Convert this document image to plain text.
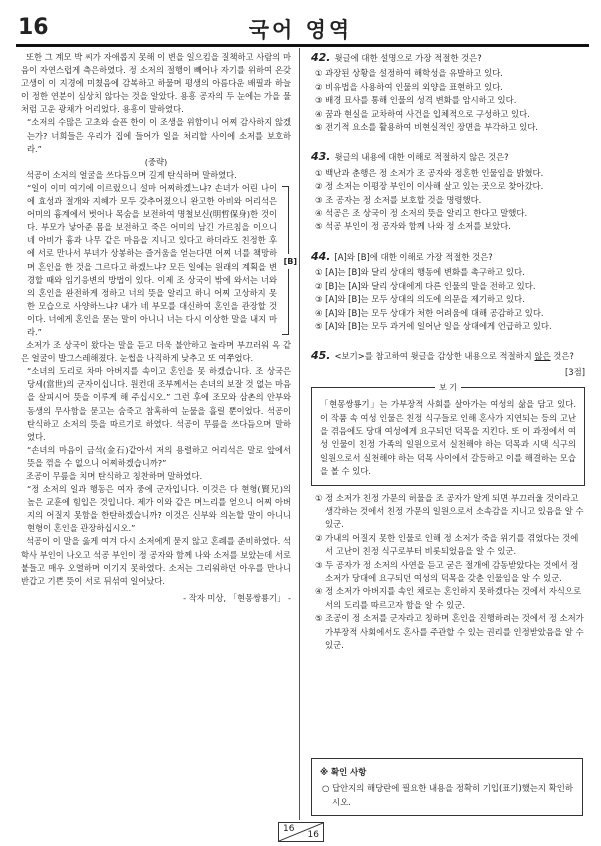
16	국어 영역

또한 그 계모 박 씨가 자애롭지 못해 이 변을 일으킴을 질책하고 사람의 마음이 자연스럽게 측은하였다. 정 소저의 절행이 빼어나 자기를 위하여 온갖 고생이 이 지경에 미쳤음에 감복하고 하물며 평생의 아름다운 배필과 하늘이 정한 연분이 심상치 않다는 것을 알았다. 용흥 공자의 두 눈에는 가을 물처럼 고운 광채가 어리었다. 용흥이 말하였다.

“소저의 수많은 고초와 슬픈 한이 이 조생을 위함이니 어찌 감사하지 않겠는가? 너희들은 우리가 집에 들어가 일을 처리할 사이에 소저를 보호하라.”

(중략)

석공이 소저의 얼굴을 쓰다듬으며 길게 탄식하며 말하였다.

“일이 이미 여기에 이르렀으니 설마 어찌하겠느냐? 손녀가 어린 나이에 효성과 절개와 지혜가 모두 갖추어졌으니 완고한 아비와 어리석은 어미의 흉계에서 벗어나 목숨을 보전하여 명철보신(明哲保身)한 것이다. 부모가 낳아준 몸을 보전하고 죽은 어미의 남긴 가르침을 이으니 네 아비가 흉과 나무 같은 마음을 지니고 있다고 하더라도 친정한 후에 서로 만나서 부녀가 상봉하는 즐거움을 얻는다면 어찌 너를 책망하며 혼인을 한 것을 그르다고 하겠느냐? 모든 일에는 원래의 계획을 변경할 때와 임기응변의 방법이 있다. 이제 조 상국이 밖에 와서는 너와의 혼인을 완전하게 정하고 너의 뜻을 알리고 하니 어찌 고상하지 못한 모습으로 사양하느냐? 내가 네 부모를 대신하여 혼인을 관장할 것이다. 너에게 혼인을 묻는 말이 아니니 너는 다시 이상한 말을 내지 마라.”

[B]

소저가 조 상국이 왔다는 말을 듣고 더욱 불안하고 놀라며 부끄러워 옥 같은 얼굴이 발그스레해졌다. 눈썹을 나직하게 낮추고 또 여쭈었다.

“소녀의 도리로 차마 아버지를 속이고 혼인을 못 하겠습니다. 조 상국은 당세(當世)의 군자이십니다. 원컨대 조부께서는 손녀의 보잘 것 없는 마음을 살피시어 뜻을 이루게 해 주십시오.” 그런 후에 조모와 삼촌의 안부와 동생의 무사함을 묻고는 숨죽고 참혹하여 눈물을 흘릴 뿐이었다. 석공이 탄식하고 소저의 뜻을 따르기로 하였다. 석공이 무릎을 쓰다듬으며 말하였다.

“손녀의 마음이 금석(金石)같아서 저의 용렬하고 어리석은 말로 앞에서 뜻을 꺾을 수 없으니 어찌하겠습니까?”

조공이 무릎을 치며 탄식하고 칭찬하며 말하였다.

“정 소저의 일과 행동은 여자 중에 군자입니다. 이것은 다 현형(賢兄)의 높은 교훈에 힘입은 것입니다. 제가 이와 같은 며느리를 얻으니 어찌 아버지의 어질지 못함을 한탄하겠습니까? 이것은 신부와 의논할 말이 아니니 현형이 혼인을 관장하십시오.”

석공이 이 말을 옳게 여겨 다시 소저에게 묻지 않고 혼례를 준비하였다. 석 학사 부인이 나오고 석공 부인이 정 공자와 함께 나와 소저를 보았는데 서로 붙들고 매우 오열하며 이기지 못하였다. 소저는 그리워하던 아우를 만나니 반갑고 기쁜 뜻이 서로 뒤섞여 일어났다.

- 작자 미상, 「현몽쌍룡기」 -

42. 윗글에 대한 설명으로 가장 적절한 것은?

① 과장된 상황을 설정하여 해학성을 유발하고 있다.

② 비유법을 사용하여 인물의 외양을 표현하고 있다.

③ 배경 묘사를 통해 인물의 성격 변화를 암시하고 있다.

④ 꿈과 현실을 교차하여 사건을 입체적으로 구성하고 있다.

⑤ 전기적 요소를 활용하여 비현실적인 장면을 부각하고 있다.

43. 윗글의 내용에 대한 이해로 적절하지 않은 것은?

① 백난과 춘행은 정 소저가 조 공자와 정혼한 인물임을 밝혔다.

② 정 소저는 이평장 부인이 이사해 살고 있는 곳으로 찾아갔다.

③ 조 공자는 정 소저를 보호할 것을 명령했다.

④ 석공은 조 상국이 정 소저의 뜻을 알리고 한다고 말했다.

⑤ 석공 부인이 정 공자와 함께 나와 정 소저를 보았다.

44. [A]와 [B]에 대한 이해로 가장 적절한 것은?

① [A]는 [B]와 달리 상대의 행동에 변화를 촉구하고 있다.

② [B]는 [A]와 달리 상대에게 다른 인물의 말을 전하고 있다.

③ [A]와 [B]는 모두 상대의 의도에 의문을 제기하고 있다.

④ [A]와 [B]는 모두 상대가 처한 어려움에 대해 공감하고 있다.

⑤ [A]와 [B]는 모두 과거에 일어난 일을 상대에게 언급하고 있다.

45. <보기>를 참고하여 윗글을 감상한 내용으로 적절하지 않은 것은?

[3점]

보 기

「현몽쌍룡기」는 가부장적 사회를 살아가는 여성의 삶을 담고 있다. 이 작품 속 여성 인물은 친정 식구들로 인해 혼사가 지연되는 등의 고난을 겪음에도 당대 여성에게 요구되던 덕목을 지킨다. 또 이 과정에서 여성 인물이 친정 가족의 일원으로서 실천해야 하는 덕목과 시댁 식구의 일원으로서 실천해야 하는 덕목 사이에서 갈등하고 이를 해결하는 모습을 볼 수 있다.

① 정 소저가 친정 가문의 허물을 조 공자가 알게 되면 부끄러울 것이라고 생각하는 것에서 친정 가문의 일원으로서 소속감을 지니고 있음을 알 수 있군.

② 가내의 어질지 못한 인물로 인해 정 소저가 죽을 위기를 겪었다는 것에서 고난이 친정 식구로부터 비롯되었음을 알 수 있군.

③ 두 공자가 정 소저의 사연을 듣고 굳은 절개에 감동받았다는 것에서 정 소저가 당대에 요구되던 여성의 덕목을 갖춘 인물임을 알 수 있군.

④ 정 소저가 아버지를 속인 채로는 혼인하지 못하겠다는 것에서 자식으로서의 도리를 따르고자 함을 알 수 있군.

⑤ 조공이 정 소저를 군자라고 칭하며 혼인을 진행하려는 것에서 정 소저가 가부장적 사회에서도 혼사를 주관할 수 있는 권리를 인정받았음을 알 수 있군.

※ 확인 사항

○ 답안지의 해당란에 필요한 내용을 정확히 기입(표기)했는지 확인하시오.

16
16
